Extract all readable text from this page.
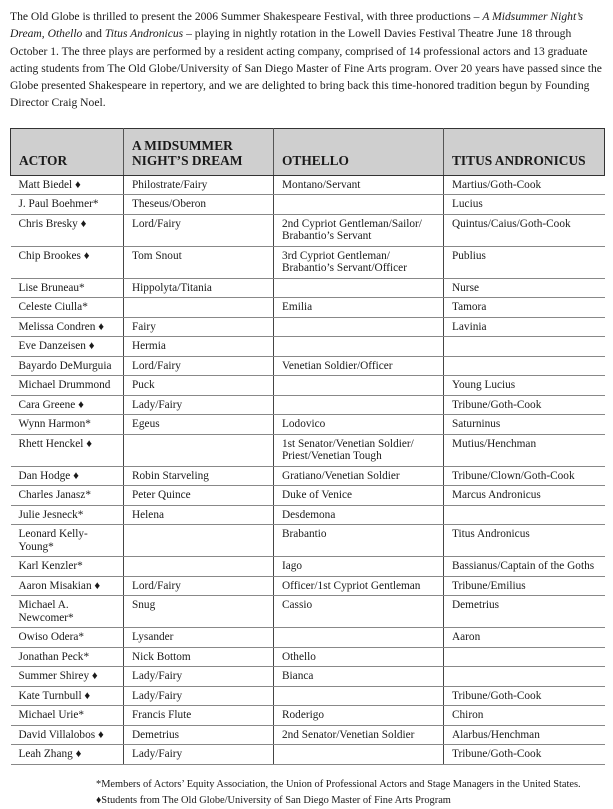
The Old Globe is thrilled to present the 2006 Summer Shakespeare Festival, with three productions – A Midsummer Night’s Dream, Othello and Titus Andronicus – playing in nightly rotation in the Lowell Davies Festival Theatre June 18 through October 1. The three plays are performed by a resident acting company, comprised of 14 professional actors and 13 graduate acting students from The Old Globe/University of San Diego Master of Fine Arts program. Over 20 years have passed since the Globe presented Shakespeare in repertory, and we are delighted to bring back this time-honored tradition begun by Founding Director Craig Noel.
ACTOR	A MIDSUMMER NIGHT’S DREAM	OTHELLO	TITUS ANDRONICUS
Matt Biedel ♦	Philostrate/Fairy	Montano/Servant	Martius/Goth-Cook
J. Paul Boehmer*	Theseus/Oberon		Lucius
Chris Bresky ♦	Lord/Fairy	2nd Cypriot Gentleman/Sailor/ Brabantio’s Servant	Quintus/Caius/Goth-Cook
Chip Brookes ♦	Tom Snout	3rd Cypriot Gentleman/ Brabantio’s Servant/Officer	Publius
Lise Bruneau*	Hippolyta/Titania		Nurse
Celeste Ciulla*		Emilia	Tamora
Melissa Condren ♦	Fairy		Lavinia
Eve Danzeisen ♦	Hermia		
Bayardo DeMurguia	Lord/Fairy	Venetian Soldier/Officer	
Michael Drummond	Puck		Young Lucius
Cara Greene ♦	Lady/Fairy		Tribune/Goth-Cook
Wynn Harmon*	Egeus	Lodovico	Saturninus
Rhett Henckel ♦		1st Senator/Venetian Soldier/ Priest/Venetian Tough	Mutius/Henchman
Dan Hodge ♦	Robin Starveling	Gratiano/Venetian Soldier	Tribune/Clown/Goth-Cook
Charles Janasz*	Peter Quince	Duke of Venice	Marcus Andronicus
Julie Jesneck*	Helena	Desdemona	
Leonard Kelly-Young*		Brabantio	Titus Andronicus
Karl Kenzler*		Iago	Bassianus/Captain of the Goths
Aaron Misakian ♦	Lord/Fairy	Officer/1st Cypriot Gentleman	Tribune/Emilius
Michael A. Newcomer*	Snug	Cassio	Demetrius
Owiso Odera*	Lysander		Aaron
Jonathan Peck*	Nick Bottom	Othello	
Summer Shirey ♦	Lady/Fairy	Bianca	
Kate Turnbull ♦	Lady/Fairy		Tribune/Goth-Cook
Michael Urie*	Francis Flute	Roderigo	Chiron
David Villalobos ♦	Demetrius	2nd Senator/Venetian Soldier	Alarbus/Henchman
Leah Zhang ♦	Lady/Fairy		Tribune/Goth-Cook
*Members of Actors’ Equity Association, the Union of Professional Actors and Stage Managers in the United States.
♦Students from The Old Globe/University of San Diego Master of Fine Arts Program
